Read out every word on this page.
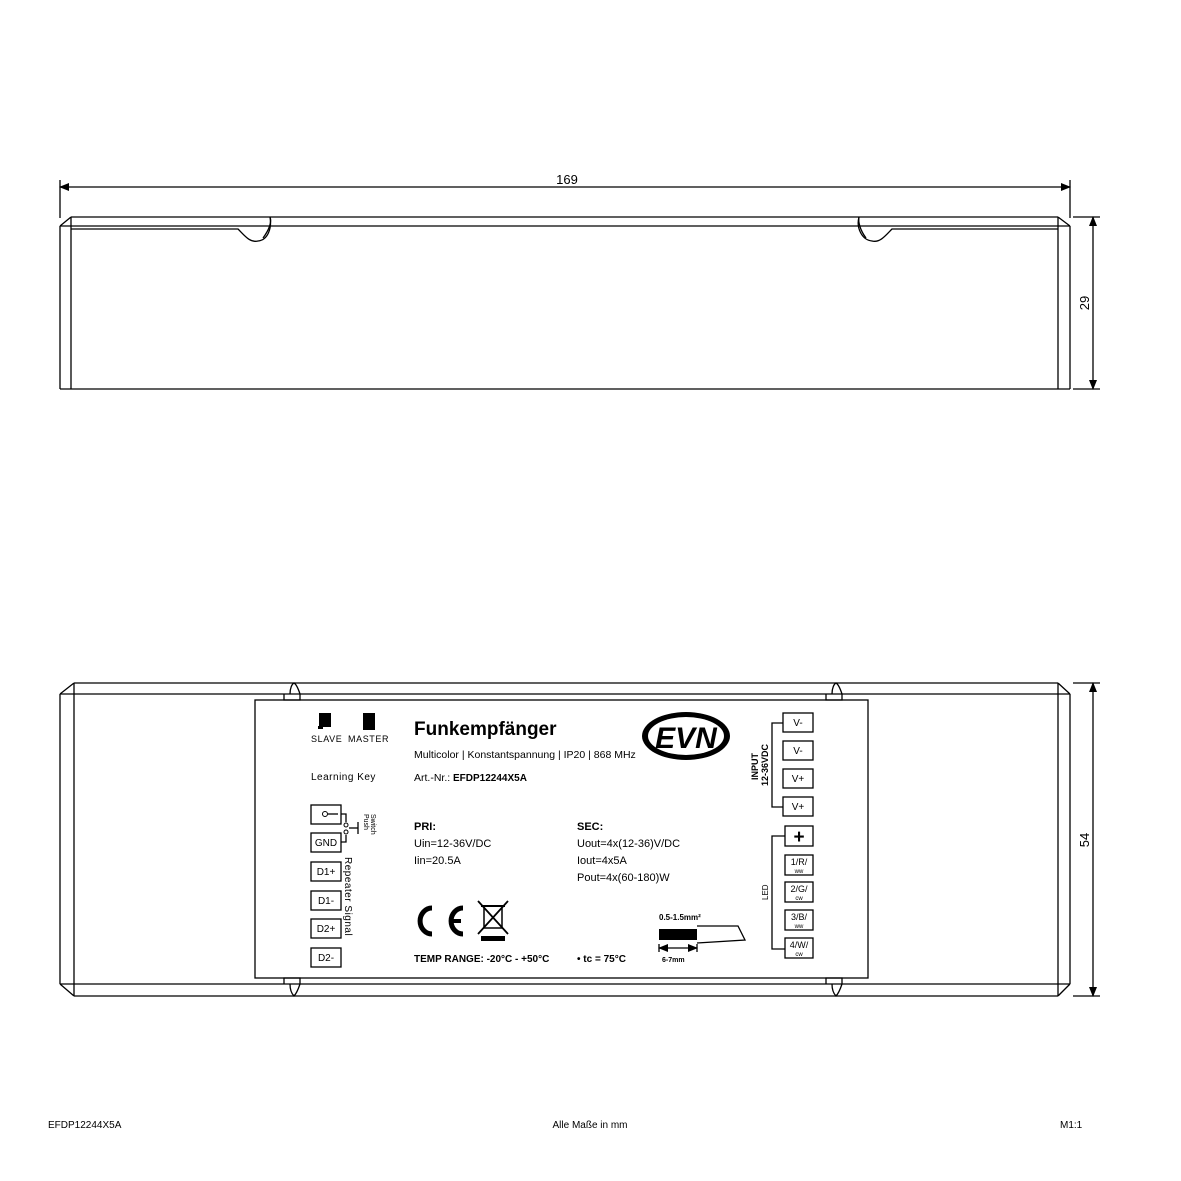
169
29
54
SLAVE MASTER
Learning Key
GND
D1+
D1-
D2+
D2-
Push Switch
Repeater Signal
Funkempfänger
Multicolor | Konstantspannung | IP20 | 868 MHz
Art.-Nr.: EFDP12244X5A
EVN
PRI:
Uin=12-36V/DC
Iin=20.5A
SEC:
Uout=4x(12-36)V/DC
Iout=4x5A
Pout=4x(60-180)W
TEMP RANGE: -20°C - +50°C	• tc = 75°C
0.5-1.5mm²
6-7mm
INPUT 12-36VDC
V-
V-
V+
V+
LED
+
1/R/
ww
2/G/
cw
3/B/
ww
4/W/
cw
EFDP12244X5A	Alle Maße in mm	M1:1
